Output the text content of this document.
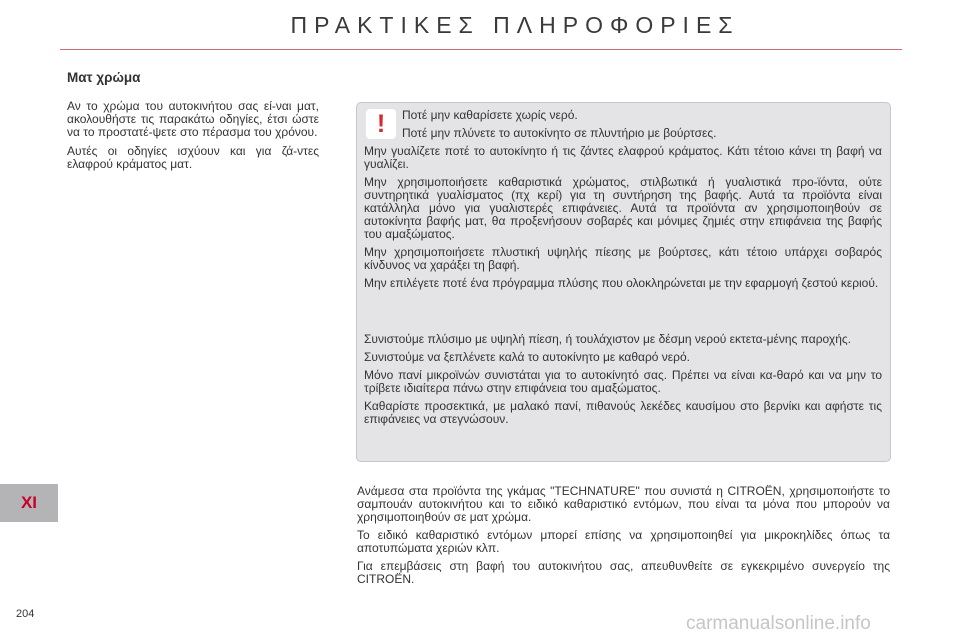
ΠΡΑΚΤΙΚΕΣ ΠΛΗΡΟΦΟΡΙΕΣ
Ματ χρώμα

Αν το χρώμα του αυτοκινήτου σας εί-ναι ματ, ακολουθήστε τις παρακάτω οδηγίες, έτσι ώστε να το προστατέ-ψετε στο πέρασμα του χρόνου.

Αυτές οι οδηγίες ισχύουν και για ζά-ντες ελαφρού κράματος ματ.

!	Ποτέ μην καθαρίσετε χωρίς νερό.

Ποτέ μην πλύνετε το αυτοκίνητο σε πλυντήριο με βούρτσες.

Μην γυαλίζετε ποτέ το αυτοκίνητο ή τις ζάντες ελαφρού κράματος. Κάτι τέτοιο κάνει τη βαφή να γυαλίζει.

Μην χρησιμοποιήσετε καθαριστικά χρώματος, στιλβωτικά ή γυαλιστικά προ-ϊόντα, ούτε συντηρητικά γυαλίσματος (πχ κερί) για τη συντήρηση της βαφής. Αυτά τα προϊόντα είναι κατάλληλα μόνο για γυαλιστερές επιφάνειες. Αυτά τα προϊόντα αν χρησιμοποιηθούν σε αυτοκίνητα βαφής ματ, θα προξενήσουν σοβαρές και μόνιμες ζημιές στην επιφάνεια της βαφής του αμαξώματος.

Μην χρησιμοποιήσετε πλυστική υψηλής πίεσης με βούρτσες, κάτι τέτοιο υπάρχει σοβαρός κίνδυνος να χαράξει τη βαφή.

Μην επιλέγετε ποτέ ένα πρόγραμμα πλύσης που ολοκληρώνεται με την εφαρμογή ζεστού κεριού.

Συνιστούμε πλύσιμο με υψηλή πίεση, ή τουλάχιστον με δέσμη νερού εκτετα-μένης παροχής.

Συνιστούμε να ξεπλένετε καλά το αυτοκίνητο με καθαρό νερό.

Μόνο πανί μικροϊνών συνιστάται για το αυτοκίνητό σας. Πρέπει να είναι κα-θαρό και να μην το τρίβετε ιδιαίτερα πάνω στην επιφάνεια του αμαξώματος.

Καθαρίστε προσεκτικά, με μαλακό πανί, πιθανούς λεκέδες καυσίμου στο βερνίκι και αφήστε τις επιφάνειες να στεγνώσουν.

Ανάμεσα στα προϊόντα της γκάμας "TECHNATURE" που συνιστά η CITROËN, χρησιμοποιήστε το σαμπουάν αυτοκινήτου και το ειδικό καθαριστικό εντόμων, που είναι τα μόνα που μπορούν να χρησιμοποιηθούν σε ματ χρώμα.

Το ειδικό καθαριστικό εντόμων μπορεί επίσης να χρησιμοποιηθεί για μικροκηλίδες όπως τα αποτυπώματα χεριών κλπ.

Για επεμβάσεις στη βαφή του αυτοκινήτου σας, απευθυνθείτε σε εγκεκριμένο συνεργείο της CITROËN.

XI
204	carmanualsonline.info
